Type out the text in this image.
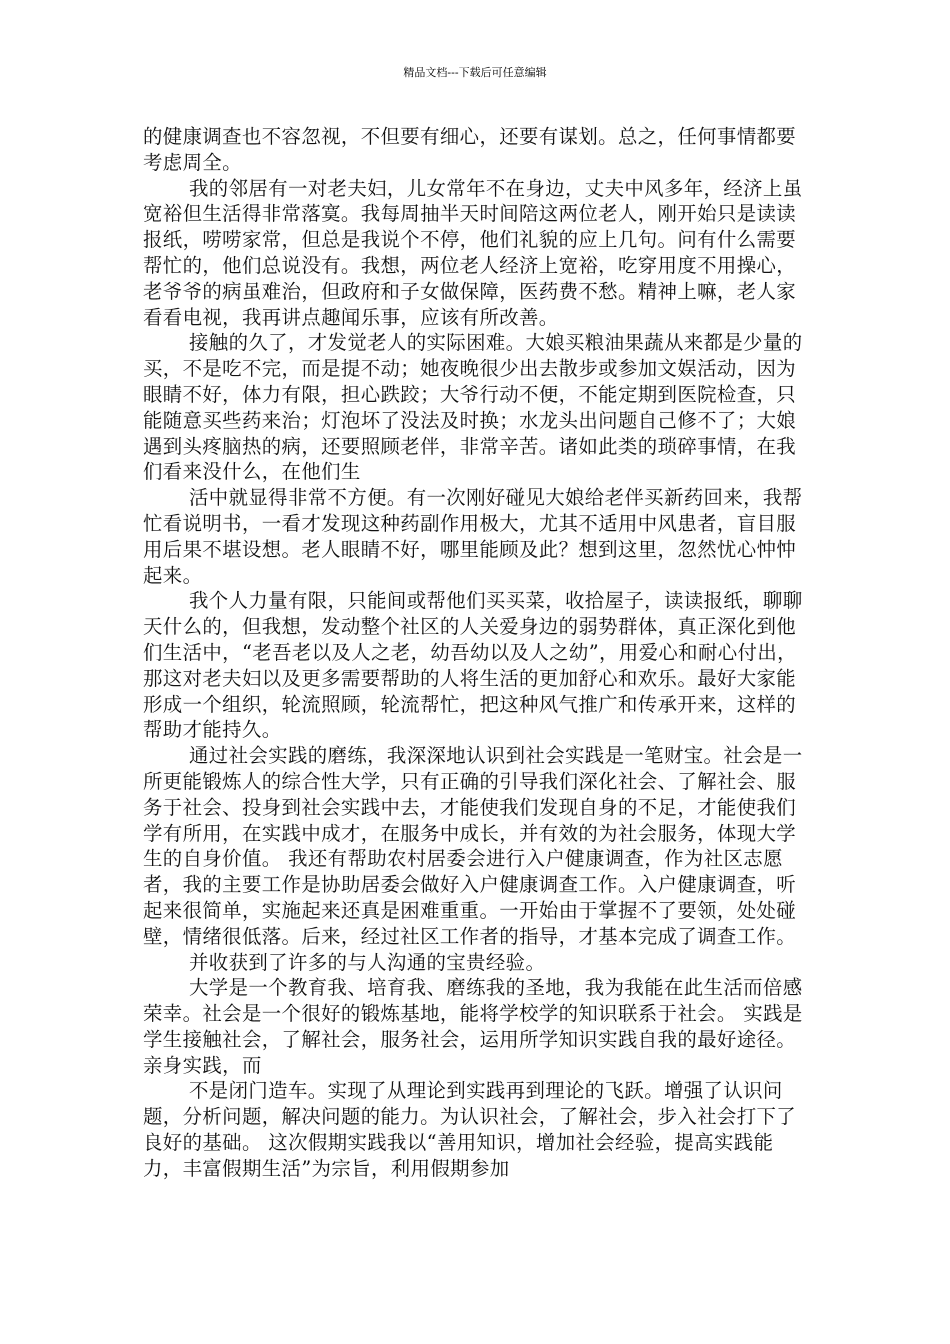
精品文档---下载后可任意编辑

的健康调查也不容忽视，不但要有细心，还要有谋划。总之，任何事情都要考虑周全。

我的邻居有一对老夫妇，儿女常年不在身边，丈夫中风多年，经济上虽宽裕但生活得非常落寞。我每周抽半天时间陪这两位老人，刚开始只是读读报纸，唠唠家常，但总是我说个不停，他们礼貌的应上几句。问有什么需要帮忙的，他们总说没有。我想，两位老人经济上宽裕，吃穿用度不用操心，老爷爷的病虽难治，但政府和子女做保障，医药费不愁。精神上嘛，老人家看看电视，我再讲点趣闻乐事，应该有所改善。

接触的久了，才发觉老人的实际困难。大娘买粮油果蔬从来都是少量的买，不是吃不完，而是提不动；她夜晚很少出去散步或参加文娱活动，因为眼睛不好，体力有限，担心跌跤；大爷行动不便，不能定期到医院检查，只能随意买些药来治；灯泡坏了没法及时换；水龙头出问题自己修不了；大娘遇到头疼脑热的病，还要照顾老伴，非常辛苦。诸如此类的琐碎事情，在我们看来没什么，在他们生

活中就显得非常不方便。有一次刚好碰见大娘给老伴买新药回来，我帮忙看说明书，一看才发现这种药副作用极大，尤其不适用中风患者，盲目服用后果不堪设想。老人眼睛不好，哪里能顾及此？想到这里，忽然忧心忡忡起来。

我个人力量有限，只能间或帮他们买买菜，收拾屋子，读读报纸，聊聊天什么的，但我想，发动整个社区的人关爱身边的弱势群体，真正深化到他们生活中，“老吾老以及人之老，幼吾幼以及人之幼”，用爱心和耐心付出，那这对老夫妇以及更多需要帮助的人将生活的更加舒心和欢乐。最好大家能形成一个组织，轮流照顾，轮流帮忙，把这种风气推广和传承开来，这样的帮助才能持久。

通过社会实践的磨练，我深深地认识到社会实践是一笔财宝。社会是一所更能锻炼人的综合性大学，只有正确的引导我们深化社会、了解社会、服务于社会、投身到社会实践中去，才能使我们发现自身的不足，才能使我们学有所用，在实践中成才，在服务中成长，并有效的为社会服务，体现大学生的自身价值。 我还有帮助农村居委会进行入户健康调查，作为社区志愿者，我的主要工作是协助居委会做好入户健康调查工作。入户健康调查，听起来很简单，实施起来还真是困难重重。一开始由于掌握不了要领，处处碰壁，情绪很低落。后来，经过社区工作者的指导，才基本完成了调查工作。

并收获到了许多的与人沟通的宝贵经验。

大学是一个教育我、培育我、磨练我的圣地，我为我能在此生活而倍感荣幸。社会是一个很好的锻炼基地，能将学校学的知识联系于社会。 实践是学生接触社会，了解社会，服务社会，运用所学知识实践自我的最好途径。亲身实践，而

不是闭门造车。实现了从理论到实践再到理论的飞跃。增强了认识问题，分析问题，解决问题的能力。为认识社会，了解社会，步入社会打下了良好的基础。 这次假期实践我以“善用知识，增加社会经验，提高实践能力，丰富假期生活”为宗旨，利用假期参加
